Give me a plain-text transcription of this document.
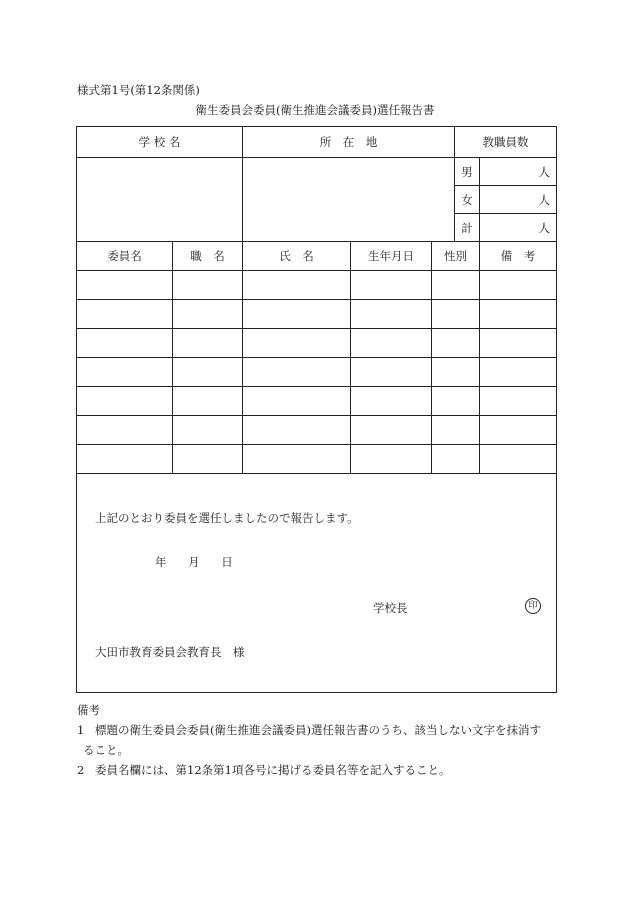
様式第1号(第12条関係)
衛生委員会委員(衛生推進会議委員)選任報告書
学 校 名		所　在　地			教職員数	
					男	人
					女	人
					計	人
委員名	職　名	氏　名	生年月日	性別		備　考

上記のとおり委員を選任しましたので報告します。
年 月 日
学校長 印
大田市教育委員会教育長　様						
備考
1 標題の衛生委員会委員(衛生推進会議委員)選任報告書のうち、該当しない文字を抹消す
ること。
2 委員名欄には、第12条第1項各号に掲げる委員名等を記入すること。
